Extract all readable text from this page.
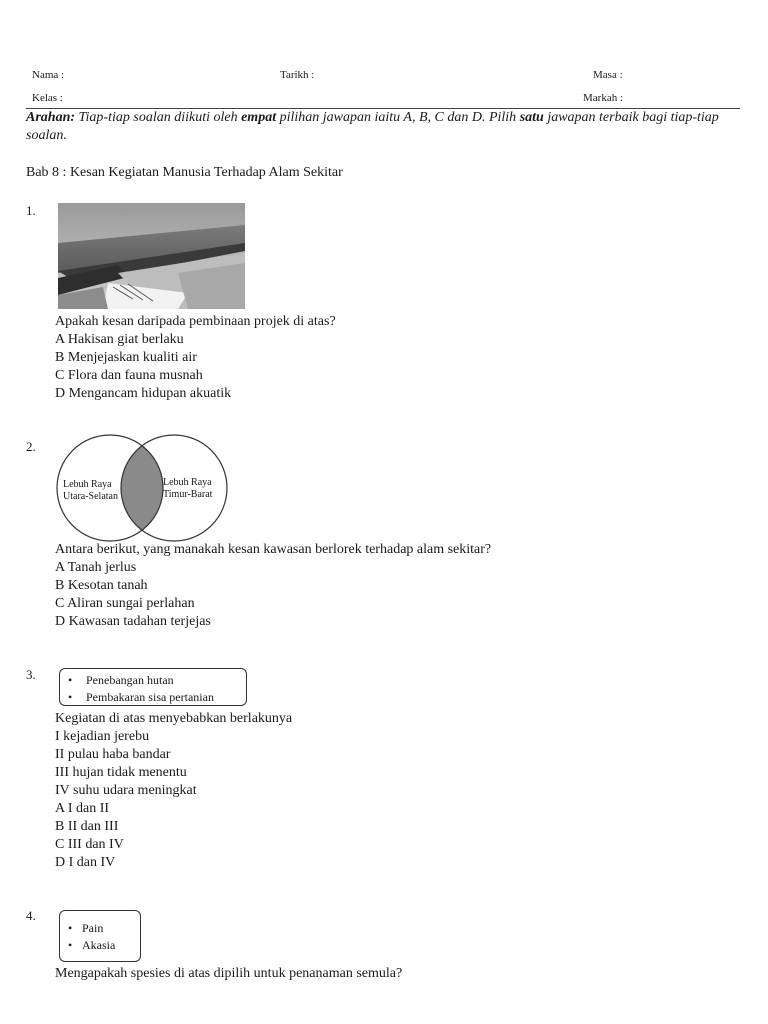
Nama :	Tarikh :	Masa :
Kelas :	Markah :
Arahan: Tiap-tiap soalan diikuti oleh empat pilihan jawapan iaitu A, B, C dan D. Pilih satu jawapan terbaik bagi tiap-tiap soalan.
Bab 8 : Kesan Kegiatan Manusia Terhadap Alam Sekitar
1.
Apakah kesan daripada pembinaan projek di atas?
A Hakisan giat berlaku
B Menjejaskan kualiti air
C Flora dan fauna musnah
D Mengancam hidupan akuatik
2.
Lebuh Raya
Utara-Selatan
Lebuh Raya
Timur-Barat
Antara berikut, yang manakah kesan kawasan berlorek terhadap alam sekitar?
A Tanah jerlus
B Kesotan tanah
C Aliran sungai perlahan
D Kawasan tadahan terjejas
3.
•	Penebangan hutan
• Pembakaran sisa pertanian
Kegiatan di atas menyebabkan berlakunya
I kejadian jerebu
II pulau haba bandar
III hujan tidak menentu
IV suhu udara meningkat
A I dan II
B II dan III
C III dan IV
D I dan IV
4.
• Pain
• Akasia
Mengapakah spesies di atas dipilih untuk penanaman semula?
